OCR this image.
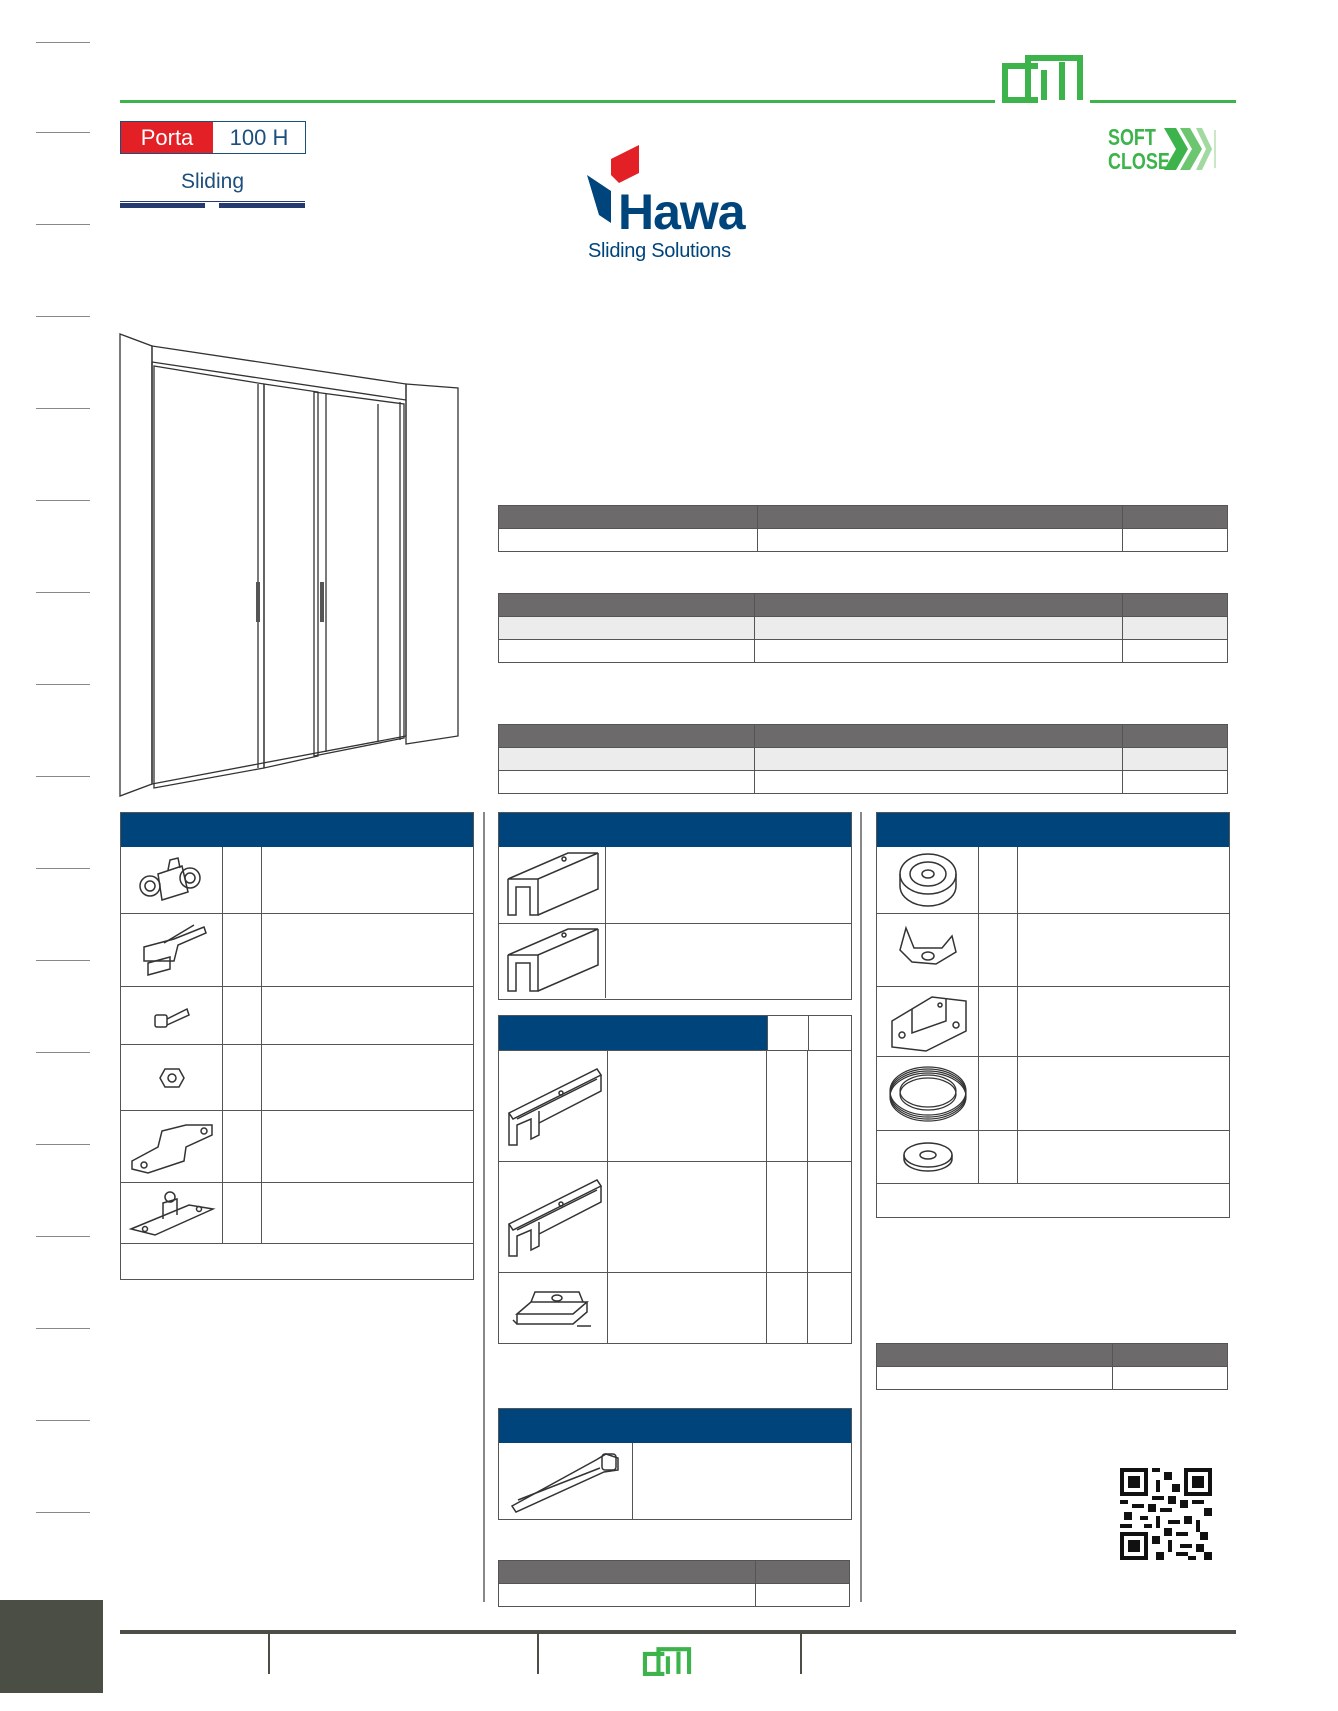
Porta	100 H
Sliding
Hawa
Sliding Solutions
SOFT
CLOSE
